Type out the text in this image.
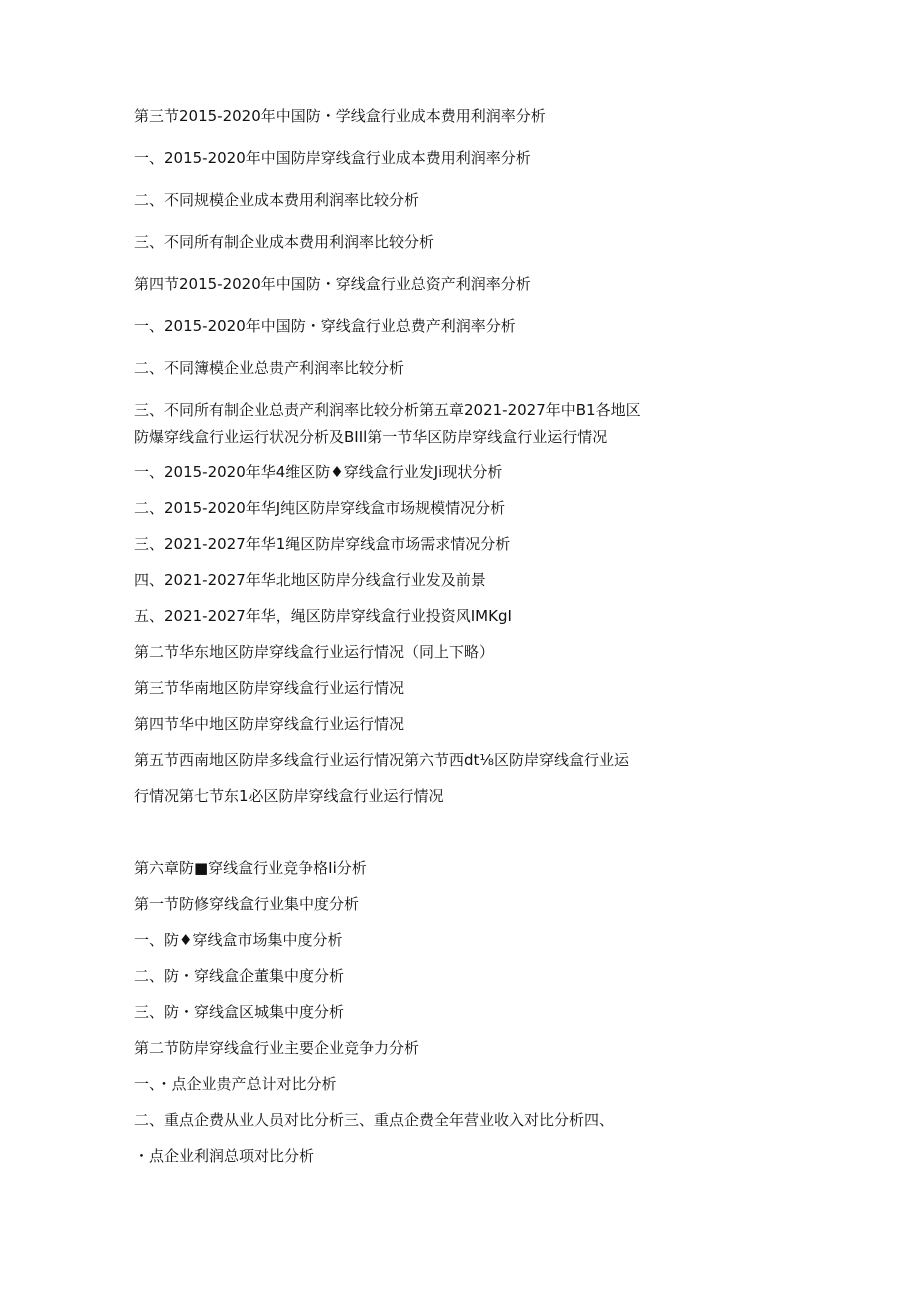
第三节2015-2020年中国防・学线盒行业成本费用利润率分析
一、2015-2020年中国防岸穿线盒行业成本费用利润率分析
二、不同规模企业成本费用利润率比较分析
三、不同所有制企业成本费用利润率比较分析
第四节2015-2020年中国防・穿线盒行业总资产利润率分析
一、2015-2020年中国防・穿线盒行业总费产利润率分析
二、不同簿模企业总贵产利润率比较分析
三、不同所有制企业总责产利润率比较分析第五章2021-2027年中B1各地区
防爆穿线盒行业运行状况分析及BIIl第一节华区防岸穿线盒行业运行情况
一、2015-2020年华4维区防♦穿线盒行业发Ji现状分析
二、2015-2020年华J纯区防岸穿线盒市场规模情况分析
三、2021-2027年华1绳区防岸穿线盒市场需求情况分析
四、2021-2027年华北地区防岸分线盒行业发及前景
五、2021-2027年华，绳区防岸穿线盒行业投资风IMKgI
第二节华东地区防岸穿线盒行业运行情况（同上下略）
第三节华南地区防岸穿线盒行业运行情况
第四节华中地区防岸穿线盒行业运行情况
第五节西南地区防岸多线盒行业运行情况第六节西dt⅛区防岸穿线盒行业运
行情况第七节东1必区防岸穿线盒行业运行情况
第六章防■穿线盒行业竞争格Ii分析
第一节防修穿线盒行业集中度分析
一、防♦穿线盒市场集中度分析
二、防・穿线盒企董集中度分析
三、防・穿线盒区城集中度分析
第二节防岸穿线盒行业主要企业竞争力分析
一、・点企业贵产总计对比分析
二、重点企费从业人员对比分析三、重点企费全年营业收入对比分析四、
・点企业利润总项对比分析
